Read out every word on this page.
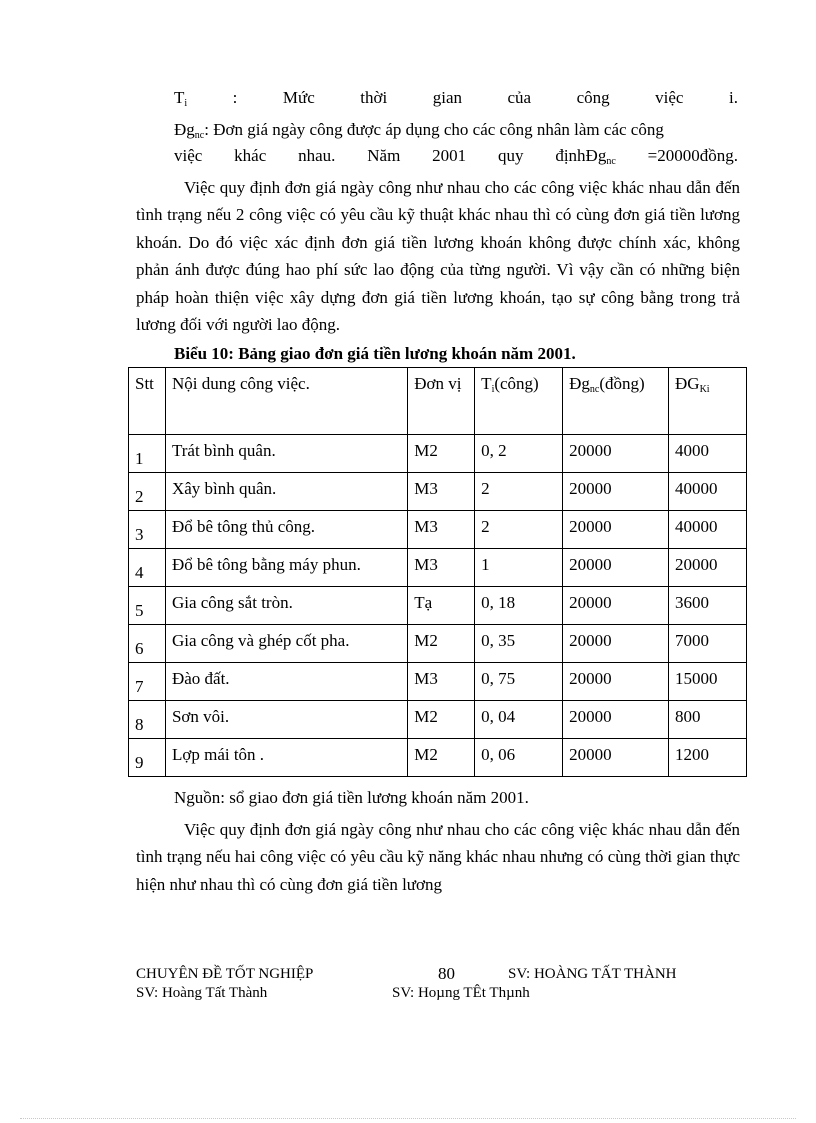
$T_i$	:	Mức	thời	gian	của	công	việc	i.
$Đg_{nc}$: Đơn giá ngày công được áp dụng cho các công nhân làm các công
việc khác nhau. Năm 2001 quy địnhĐg$_{nc}$ =20000đồng.

Việc quy định đơn giá ngày công như nhau cho các công việc khác nhau dẫn đến tình trạng nếu 2 công việc có yêu cầu kỹ thuật khác nhau thì có cùng đơn giá tiền lương khoán. Do đó việc xác định đơn giá tiền lương khoán không được chính xác, không phản ánh được đúng hao phí sức lao động của từng người. Vì vậy cần có những biện pháp hoàn thiện việc xây dựng đơn giá tiền lương khoán, tạo sự công bằng trong trả lương đối với người lao động.

Biểu 10: Bảng giao đơn giá tiền lương khoán năm 2001.
Stt	Nội dung công việc.	Đơn vị	$T_i(công)$	$Đg_{nc}(đồng)$	$ĐG_{Ki}$
1	Trát bình quân.	M2	0, 2	20000	4000
2	Xây bình quân.	M3	2	20000	40000
3	Đổ bê tông thủ công.	M3	2	20000	40000
4	Đổ bê tông bằng máy phun.	M3	1	20000	20000
5	Gia công sắt tròn.	Tạ	0, 18	20000	3600
6	Gia công và ghép cốt pha.	M2	0, 35	20000	7000
7	Đào đất.	M3	0, 75	20000	15000
8	Sơn vôi.	M2	0, 04	20000	800
9	Lợp mái tôn .	M2	0, 06	20000	1200
Nguồn: sổ giao đơn giá tiền lương khoán năm 2001.

Việc quy định đơn giá ngày công như nhau cho các công việc khác nhau dẫn đến tình trạng nếu hai công việc có yêu cầu kỹ năng khác nhau nhưng có cùng thời gian thực hiện như nhau thì có cùng đơn giá tiền lương

CHUYÊN ĐỀ TỐT NGHIỆP	80	SV: HOÀNG TẤT THÀNH
SV: Hoàng Tất Thành	SV: Hoµng TÊt Thµnh
